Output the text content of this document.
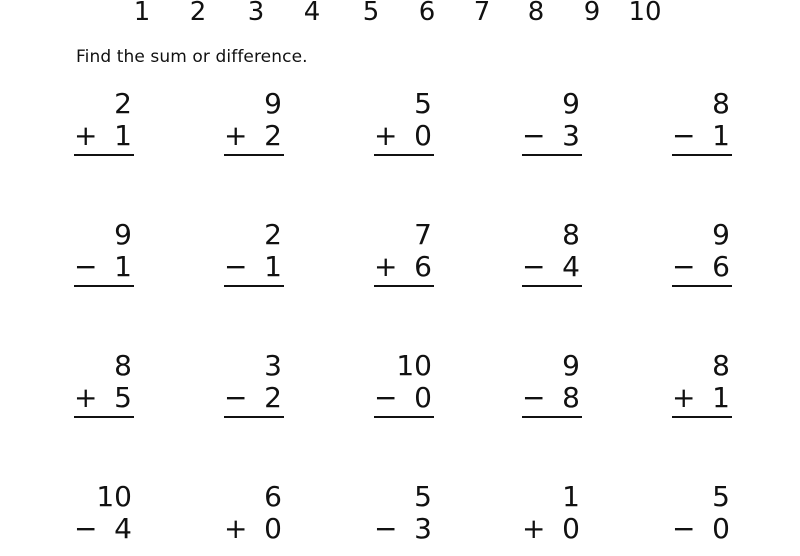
1	2	3	4	5	6	7	8	9	10
Find the sum or difference.
2
+ 1
9
+ 2
5
+ 0
9
− 3
8
− 1
9
− 1
2
− 1
7
+ 6
8
− 4
9
− 6
8
+ 5
3
− 2
10
− 0
9
− 8
8
+ 1
10
− 4
6
+ 0
5
− 3
1
+ 0
5
− 0
